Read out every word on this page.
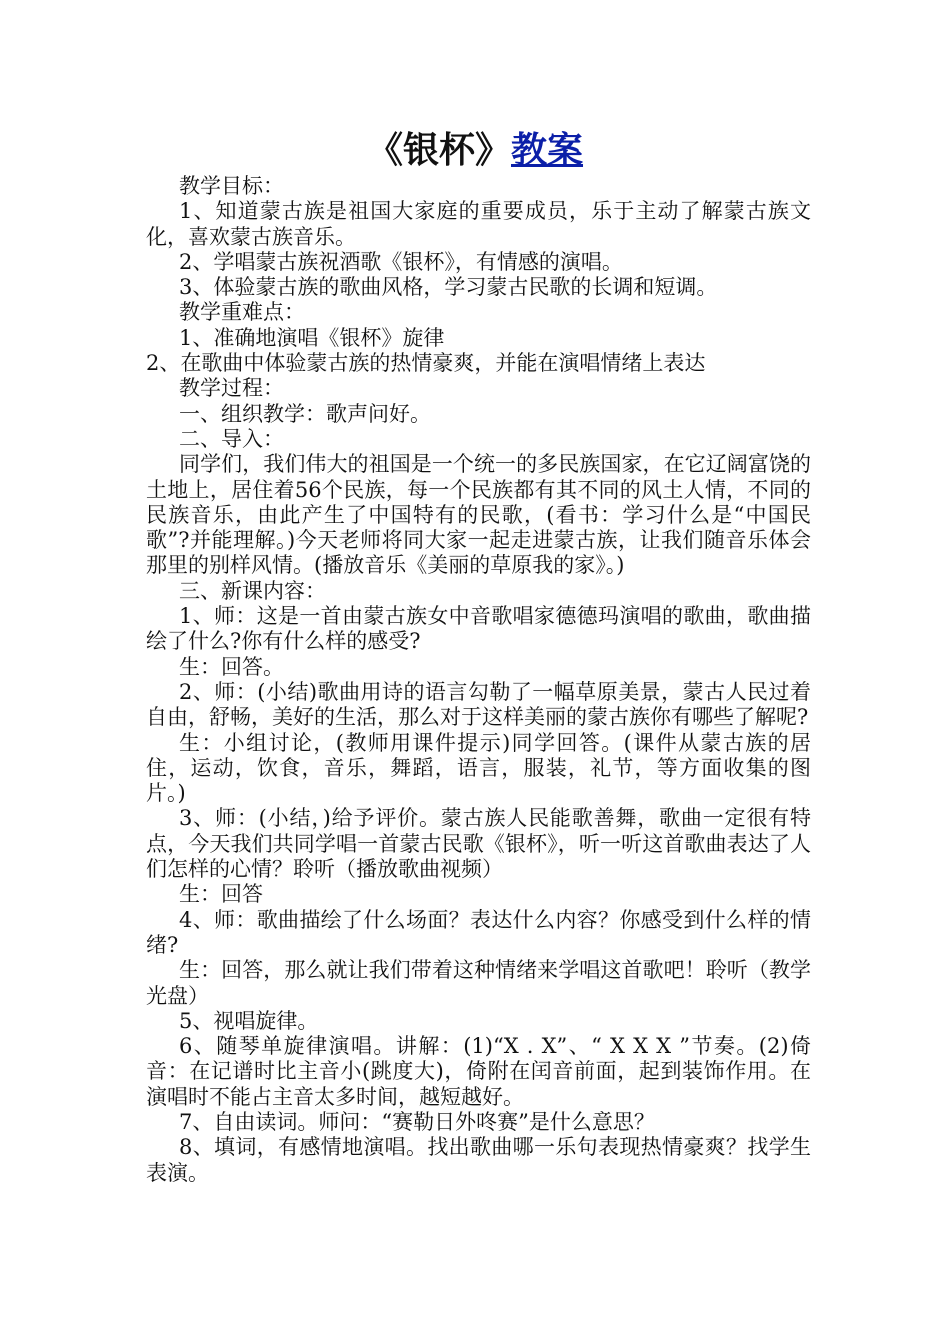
《银杯》教案

教学目标：

1、知道蒙古族是祖国大家庭的重要成员，乐于主动了解蒙古族文化，喜欢蒙古族音乐。

2、学唱蒙古族祝酒歌《银杯》，有情感的演唱。

3、体验蒙古族的歌曲风格，学习蒙古民歌的长调和短调。

教学重难点：

1、准确地演唱《银杯》旋律

2、在歌曲中体验蒙古族的热情豪爽，并能在演唱情绪上表达

教学过程：

一、组织教学：歌声问好。

二、导入：

同学们，我们伟大的祖国是一个统一的多民族国家，在它辽阔富饶的土地上，居住着56个民族，每一个民族都有其不同的风土人情，不同的民族音乐，由此产生了中国特有的民歌，(看书：学习什么是“中国民歌”?并能理解。)今天老师将同大家一起走进蒙古族，让我们随音乐体会那里的别样风情。(播放音乐《美丽的草原我的家》。)

三、新课内容：

1、师：这是一首由蒙古族女中音歌唱家德德玛演唱的歌曲，歌曲描绘了什么?你有什么样的感受?

生：回答。

2、师：(小结)歌曲用诗的语言勾勒了一幅草原美景，蒙古人民过着自由，舒畅，美好的生活，那么对于这样美丽的蒙古族你有哪些了解呢?

生：小组讨论，(教师用课件提示)同学回答。(课件从蒙古族的居住，运动，饮食，音乐，舞蹈，语言，服装，礼节，等方面收集的图片。)

3、师：(小结，)给予评价。蒙古族人民能歌善舞，歌曲一定很有特点，今天我们共同学唱一首蒙古民歌《银杯》，听一听这首歌曲表达了人们怎样的心情？聆听（播放歌曲视频）

生：回答

4、师：歌曲描绘了什么场面？表达什么内容？你感受到什么样的情绪?

生：回答，那么就让我们带着这种情绪来学唱这首歌吧！聆听（教学光盘）

5、视唱旋律。

6、随琴单旋律演唱。讲解：(1)“X . X”、“ X X X ”节奏。(2)倚音：在记谱时比主音小(跳度大)，倚附在闰音前面，起到装饰作用。在演唱时不能占主音太多时间，越短越好。

7、自由读词。师问：“赛勒日外咚赛”是什么意思？

8、填词，有感情地演唱。找出歌曲哪一乐句表现热情豪爽？找学生表演。
